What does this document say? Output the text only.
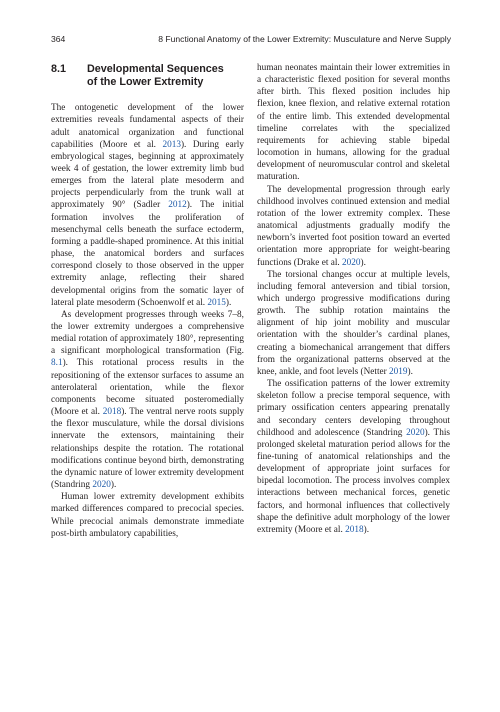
364	8 Functional Anatomy of the Lower Extremity: Musculature and Nerve Supply
8.1	Developmental Sequences
of the Lower Extremity

The ontogenetic development of the lower extremities reveals fundamental aspects of their adult anatomical organization and functional capabilities (Moore et al. 2013). During early embryological stages, beginning at approximately week 4 of gestation, the lower extremity limb bud emerges from the lateral plate mesoderm and projects perpendicularly from the trunk wall at approximately 90° (Sadler 2012). The initial formation involves the proliferation of mesenchymal cells beneath the surface ectoderm, forming a paddle-shaped prominence. At this initial phase, the anatomical borders and surfaces correspond closely to those observed in the upper extremity anlage, reflecting their shared developmental origins from the somatic layer of lateral plate mesoderm (Schoenwolf et al. 2015).

As development progresses through weeks 7–8, the lower extremity undergoes a comprehensive medial rotation of approximately 180°, representing a significant morphological transformation (Fig. 8.1). This rotational process results in the repositioning of the extensor surfaces to assume an anterolateral orientation, while the flexor components become situated posteromedially (Moore et al. 2018). The ventral nerve roots supply the flexor musculature, while the dorsal divisions innervate the extensors, maintaining their relationships despite the rotation. The rotational modifications continue beyond birth, demonstrating the dynamic nature of lower extremity development (Standring 2020).

Human lower extremity development exhibits marked differences compared to precocial species. While precocial animals demonstrate immediate post-birth ambulatory capabilities,

human neonates maintain their lower extremities in a characteristic flexed position for several months after birth. This flexed position includes hip flexion, knee flexion, and relative external rotation of the entire limb. This extended developmental timeline correlates with the specialized requirements for achieving stable bipedal locomotion in humans, allowing for the gradual development of neuromuscular control and skeletal maturation.

The developmental progression through early childhood involves continued extension and medial rotation of the lower extremity complex. These anatomical adjustments gradually modify the newborn’s inverted foot position toward an everted orientation more appropriate for weight-bearing functions (Drake et al. 2020).

The torsional changes occur at multiple levels, including femoral anteversion and tibial torsion, which undergo progressive modifications during growth. The subhip rotation maintains the alignment of hip joint mobility and muscular orientation with the shoulder’s cardinal planes, creating a biomechanical arrangement that differs from the organizational patterns observed at the knee, ankle, and foot levels (Netter 2019).

The ossification patterns of the lower extremity skeleton follow a precise temporal sequence, with primary ossification centers appearing prenatally and secondary centers developing throughout childhood and adolescence (Standring 2020). This prolonged skeletal maturation period allows for the fine-tuning of anatomical relationships and the development of appropriate joint surfaces for bipedal locomotion. The process involves complex interactions between mechanical forces, genetic factors, and hormonal influences that collectively shape the definitive adult morphology of the lower extremity (Moore et al. 2018).
